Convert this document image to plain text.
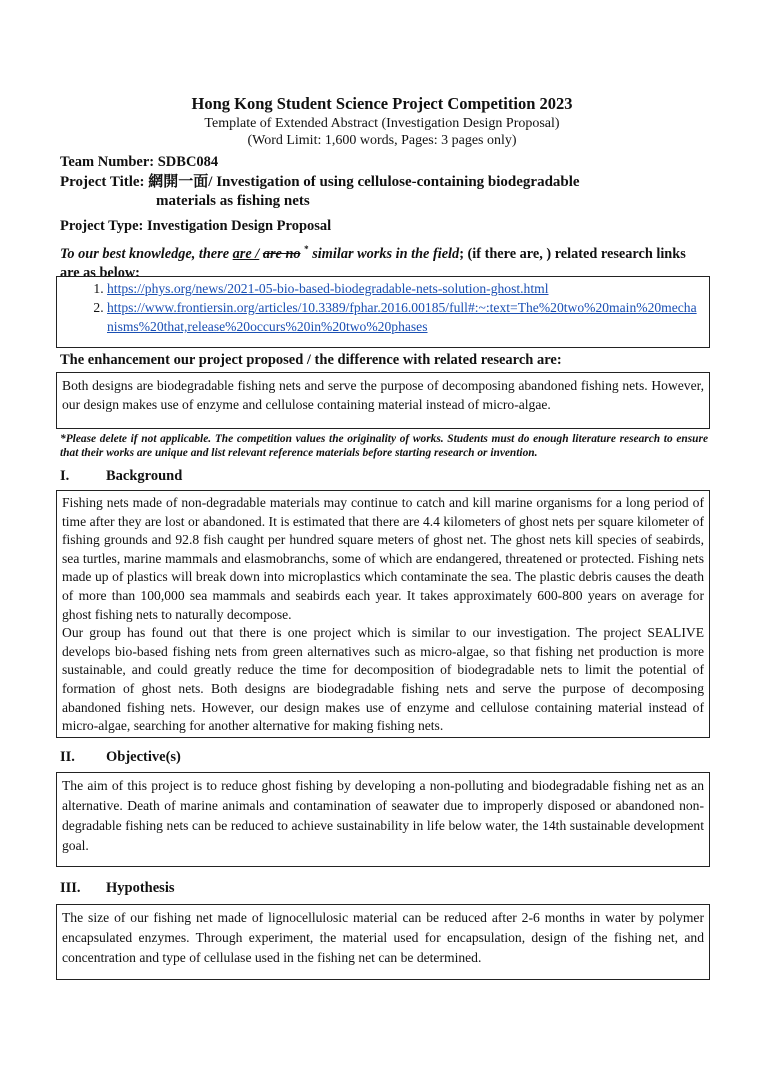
Hong Kong Student Science Project Competition 2023
Template of Extended Abstract (Investigation Design Proposal)
(Word Limit: 1,600 words, Pages: 3 pages only)
Team Number: SDBC084
Project Title: 網開一面/ Investigation of using cellulose-containing biodegradable
materials as fishing nets
Project Type: Investigation Design Proposal
To our best knowledge, there are / are no * similar works in the field; (if there are, ) related research links are as below:
1. https://phys.org/news/2021-05-bio-based-biodegradable-nets-solution-ghost.html
2. https://www.frontiersin.org/articles/10.3389/fphar.2016.00185/full#:~:text=The%20two%20main%20mechanisms%20that,release%20occurs%20in%20two%20phases
The enhancement our project proposed / the difference with related research are:
Both designs are biodegradable fishing nets and serve the purpose of decomposing abandoned fishing nets. However, our design makes use of enzyme and cellulose containing material instead of micro-algae.
*Please delete if not applicable. The competition values the originality of works. Students must do enough literature research to ensure that their works are unique and list relevant reference materials before starting research or invention.
I.	Background

Fishing nets made of non-degradable materials may continue to catch and kill marine organisms for a long period of time after they are lost or abandoned. It is estimated that there are 4.4 kilometers of ghost nets per square kilometer of fishing grounds and 92.8 fish caught per hundred square meters of ghost net. The ghost nets kill species of seabirds, sea turtles, marine mammals and elasmobranchs, some of which are endangered, threatened or protected. Fishing nets made up of plastics will break down into microplastics which contaminate the sea. The plastic debris causes the death of more than 100,000 sea mammals and seabirds each year. It takes approximately 600-800 years on average for ghost fishing nets to naturally decompose.

Our group has found out that there is one project which is similar to our investigation. The project SEALIVE develops bio-based fishing nets from green alternatives such as micro-algae, so that fishing net production is more sustainable, and could greatly reduce the time for decomposition of biodegradable nets to limit the potential of formation of ghost nets. Both designs are biodegradable fishing nets and serve the purpose of decomposing abandoned fishing nets. However, our design makes use of enzyme and cellulose containing material instead of micro-algae, searching for another alternative for making fishing nets.

II. Objective(s)
The aim of this project is to reduce ghost fishing by developing a non-polluting and biodegradable fishing net as an alternative. Death of marine animals and contamination of seawater due to improperly disposed or abandoned non-degradable fishing nets can be reduced to achieve sustainability in life below water, the 14th sustainable development goal.
III. Hypothesis
The size of our fishing net made of lignocellulosic material can be reduced after 2-6 months in water by polymer encapsulated enzymes. Through experiment, the material used for encapsulation, design of the fishing net, and concentration and type of cellulase used in the fishing net can be determined.
